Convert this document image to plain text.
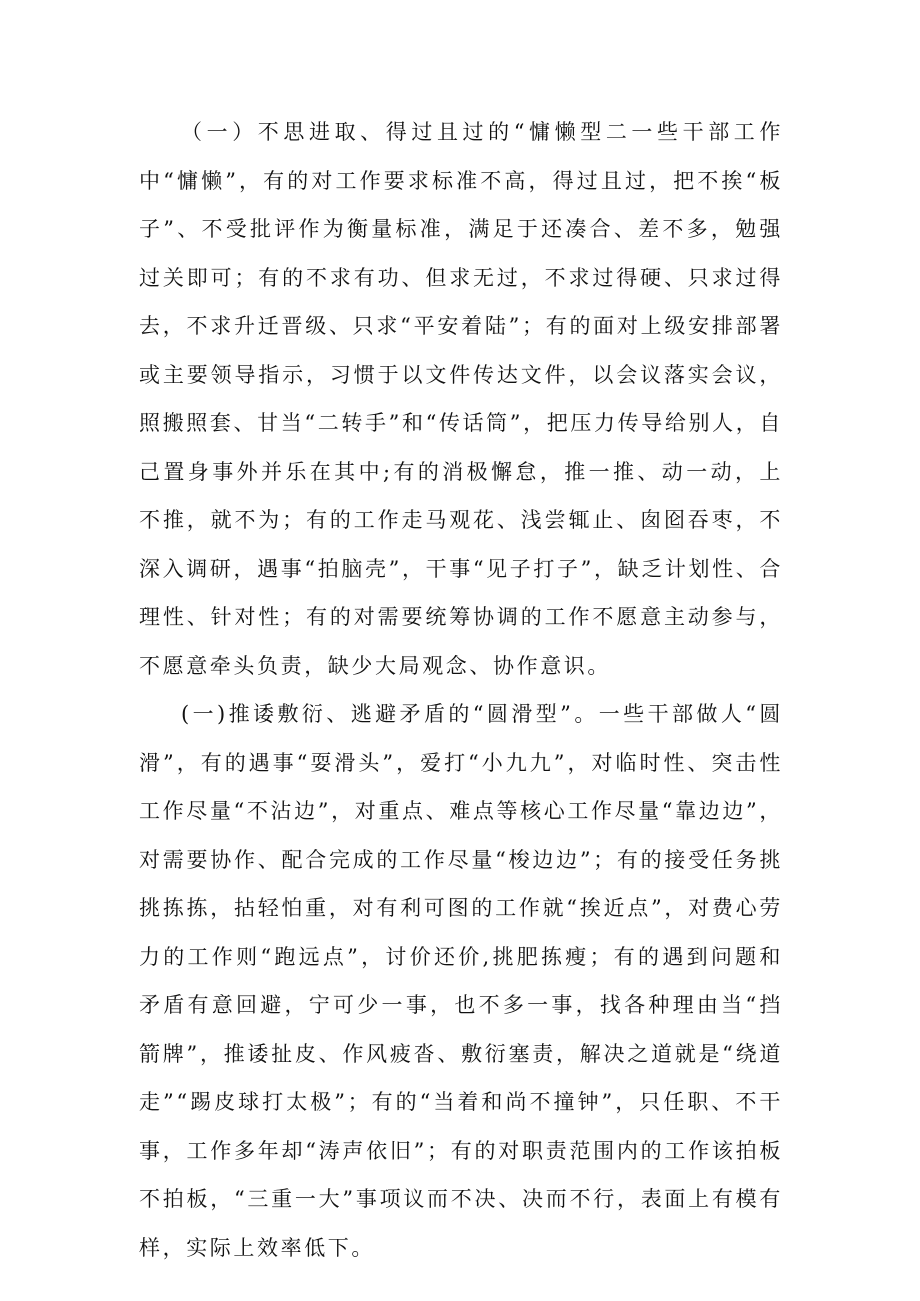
（一）不思进取、得过且过的“慵懒型二一些干部工作中“慵懒”，有的对工作要求标准不高，得过且过，把不挨“板子”、不受批评作为衡量标准，满足于还凑合、差不多，勉强过关即可；有的不求有功、但求无过，不求过得硬、只求过得去，不求升迁晋级、只求“平安着陆”；有的面对上级安排部署或主要领导指示，习惯于以文件传达文件，以会议落实会议，照搬照套、甘当“二转手”和“传话筒”，把压力传导给别人，自己置身事外并乐在其中;有的消极懈怠，推一推、动一动，上不推，就不为；有的工作走马观花、浅尝辄止、囱囵吞枣，不深入调研，遇事“拍脑壳”，干事“见子打子”，缺乏计划性、合理性、针对性；有的对需要统筹协调的工作不愿意主动参与，不愿意牵头负责，缺少大局观念、协作意识。

(一)推诿敷衍、逃避矛盾的“圆滑型”。一些干部做人“圆滑”，有的遇事“耍滑头”，爱打“小九九”，对临时性、突击性工作尽量“不沾边”，对重点、难点等核心工作尽量“靠边边”，对需要协作、配合完成的工作尽量“梭边边”；有的接受任务挑挑拣拣，拈轻怕重，对有利可图的工作就“挨近点”，对费心劳力的工作则“跑远点”，讨价还价,挑肥拣瘦；有的遇到问题和矛盾有意回避，宁可少一事，也不多一事，找各种理由当“挡箭牌”，推诿扯皮、作风疲沓、敷衍塞责，解决之道就是“绕道走”“踢皮球打太极”；有的“当着和尚不撞钟”，只任职、不干事，工作多年却“涛声依旧”；有的对职责范围内的工作该拍板不拍板，“三重一大”事项议而不决、决而不行，表面上有模有样，实际上效率低下。
